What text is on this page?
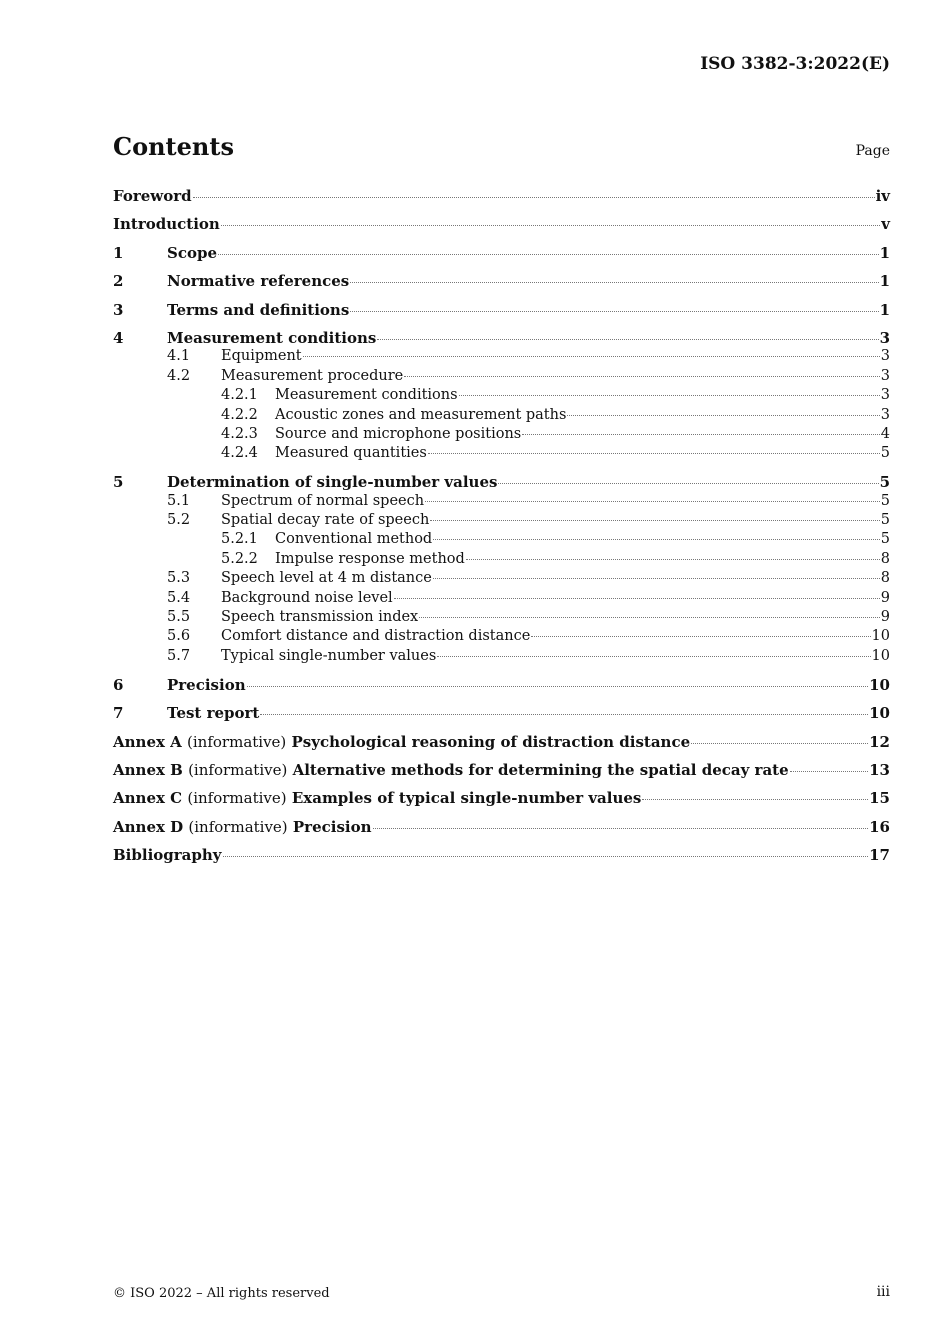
ISO 3382-3:2022(E)
Contents	Page
Foreword	iv
Introduction	v
1	Scope	1
2	Normative references	1
3	Terms and definitions	1
4	Measurement conditions	3
4.1	Equipment	3
4.2	Measurement procedure	3
4.2.1	Measurement conditions	3
4.2.2	Acoustic zones and measurement paths	3
4.2.3	Source and microphone positions	4
4.2.4	Measured quantities	5
5	Determination of single-number values	5
5.1	Spectrum of normal speech	5
5.2	Spatial decay rate of speech	5
5.2.1	Conventional method	5
5.2.2	Impulse response method	8
5.3	Speech level at 4 m distance	8
5.4	Background noise level	9
5.5	Speech transmission index	9
5.6	Comfort distance and distraction distance	10
5.7	Typical single-number values	10
6	Precision	10
7	Test report	10
Annex A (informative) Psychological reasoning of distraction distance	12
Annex B (informative) Alternative methods for determining the spatial decay rate	13
Annex C (informative) Examples of typical single-number values	15
Annex D (informative) Precision	16
Bibliography	17
© ISO 2022 – All rights reserved	iii
